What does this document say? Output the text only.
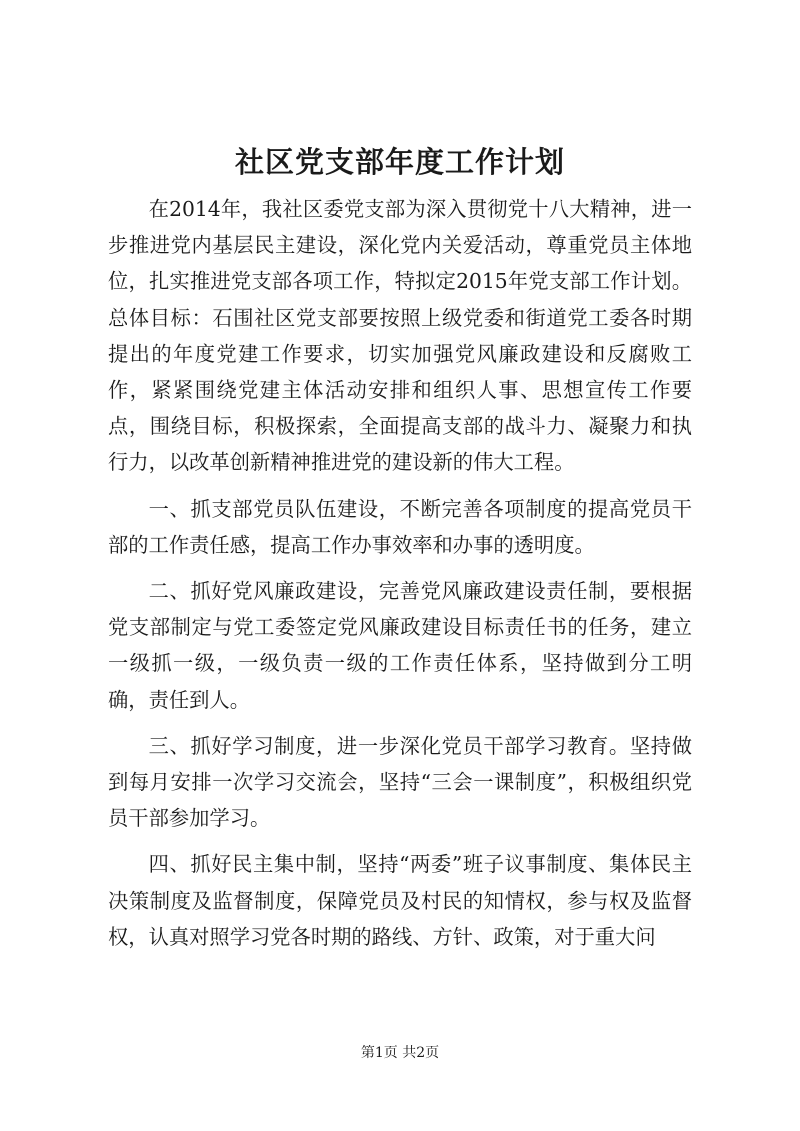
社区党支部年度工作计划

在2014年，我社区委党支部为深入贯彻党十八大精神，进一步推进党内基层民主建设，深化党内关爱活动，尊重党员主体地位，扎实推进党支部各项工作，特拟定2015年党支部工作计划。总体目标：石围社区党支部要按照上级党委和街道党工委各时期提出的年度党建工作要求，切实加强党风廉政建设和反腐败工作，紧紧围绕党建主体活动安排和组织人事、思想宣传工作要点，围绕目标，积极探索，全面提高支部的战斗力、凝聚力和执行力，以改革创新精神推进党的建设新的伟大工程。

一、抓支部党员队伍建设，不断完善各项制度的提高党员干部的工作责任感，提高工作办事效率和办事的透明度。

二、抓好党风廉政建设，完善党风廉政建设责任制，要根据党支部制定与党工委签定党风廉政建设目标责任书的任务，建立一级抓一级，一级负责一级的工作责任体系，坚持做到分工明确，责任到人。

三、抓好学习制度，进一步深化党员干部学习教育。坚持做到每月安排一次学习交流会，坚持“三会一课制度”，积极组织党员干部参加学习。

四、抓好民主集中制，坚持“两委”班子议事制度、集体民主决策制度及监督制度，保障党员及村民的知情权，参与权及监督权，认真对照学习党各时期的路线、方针、政策，对于重大问

第1页 共2页
